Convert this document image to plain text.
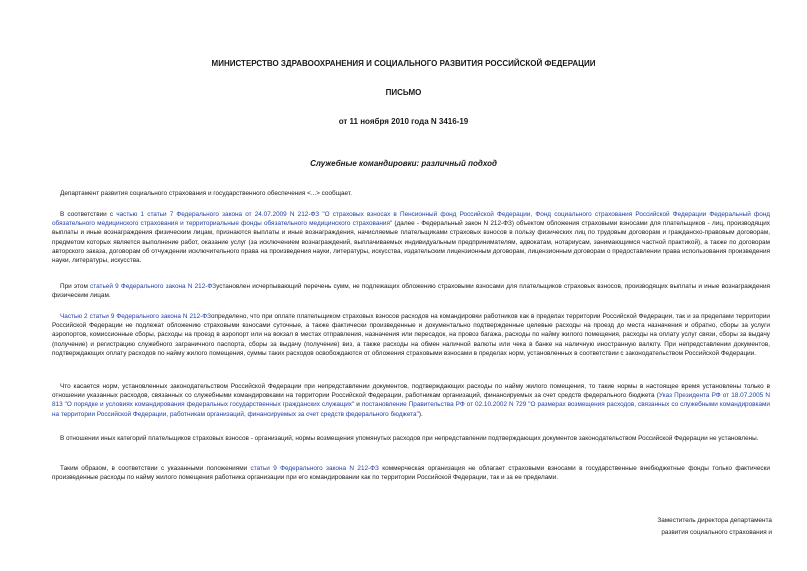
МИНИСТЕРСТВО ЗДРАВООХРАНЕНИЯ И СОЦИАЛЬНОГО РАЗВИТИЯ РОССИЙСКОЙ ФЕДЕРАЦИИ

ПИСЬМО

от 11 ноября 2010 года N 3416-19

Служебные командировки: различный подход

Департамент развития социального страхования и государственного обеспечения <...> сообщает.

В соответствии с частью 1 статьи 7 Федерального закона от 24.07.2009 N 212-ФЗ "О страховых взносах в Пенсионный фонд Российской Федерации, Фонд социального страхования Российской Федерации Федеральный фонд обязательного медицинского страхования и территориальные фонды обязательного медицинского страхования" (далее - Федеральный закон N 212-ФЗ) объектом обложения страховыми взносами для плательщиков - лиц, производящих выплаты и иные вознаграждения физическим лицам, признаются выплаты и иные вознаграждения, начисляемые плательщиками страховых взносов в пользу физических лиц по трудовым договорам и гражданско-правовым договорам, предметом которых является выполнение работ, оказание услуг (за исключением вознаграждений, выплачиваемых индивидуальным предпринимателям, адвокатам, нотариусам, занимающимся частной практикой), а также по договорам авторского заказа, договорам об отчуждении исключительного права на произведения науки, литературы, искусства, издательским лицензионным договорам, лицензионным договорам о предоставлении права использования произведения науки, литературы, искусства.

При этом статьей 9 Федерального закона N 212-ФЗустановлен исчерпывающий перечень сумм, не подлежащих обложению страховыми взносами для плательщиков страховых взносов, производящих выплаты и иные вознаграждения физическим лицам.

Частью 2 статьи 9 Федерального закона N 212-ФЗопределено, что при оплате плательщиком страховых взносов расходов на командировки работников как в пределах территории Российской Федерации, так и за пределами территории Российской Федерации не подлежат обложению страховыми взносами суточные, а также фактически произведенные и документально подтвержденные целевые расходы на проезд до места назначения и обратно, сборы за услуги аэропортов, комиссионные сборы, расходы на проезд в аэропорт или на вокзал в местах отправления, назначения или пересадок, на провоз багажа, расходы по найму жилого помещения, расходы на оплату услуг связи, сборы за выдачу (получение) и регистрацию служебного заграничного паспорта, сборы за выдачу (получение) виз, а также расходы на обмен наличной валюты или чека в банке на наличную иностранную валюту. При непредставлении документов, подтверждающих оплату расходов по найму жилого помещения, суммы таких расходов освобождаются от обложения страховыми взносами в пределах норм, установленных в соответствии с законодательством Российской Федерации.

Что касается норм, установленных законодательством Российской Федерации при непредставлении документов, подтверждающих расходы по найму жилого помещения, то такие нормы в настоящее время установлены только в отношении указанных расходов, связанных со служебными командировками на территории Российской Федерации, работникам организаций, финансируемых за счет средств федерального бюджета (Указ Президента РФ от 18.07.2005 N 813 "О порядке и условиях командирования федеральных государственных гражданских служащих" и постановление Правительства РФ от 02.10.2002 N 729 "О размерах возмещения расходов, связанных со служебными командировками на территории Российской Федерации, работникам организаций, финансируемых за счет средств федерального бюджета").

В отношении иных категорий плательщиков страховых взносов - организаций, нормы возмещения упомянутых расходов при непредставлении подтверждающих документов законодательством Российской Федерации не установлены.

Таким образом, в соответствии с указанными положениями статьи 9 Федерального закона N 212-ФЗ коммерческая организация не облагает страховыми взносами в государственные внебюджетные фонды только фактически произведенные расходы по найму жилого помещения работника организации при его командировании как по территории Российской Федерации, так и за ее пределами.

Заместитель директора департамента

развития социального страхования и
